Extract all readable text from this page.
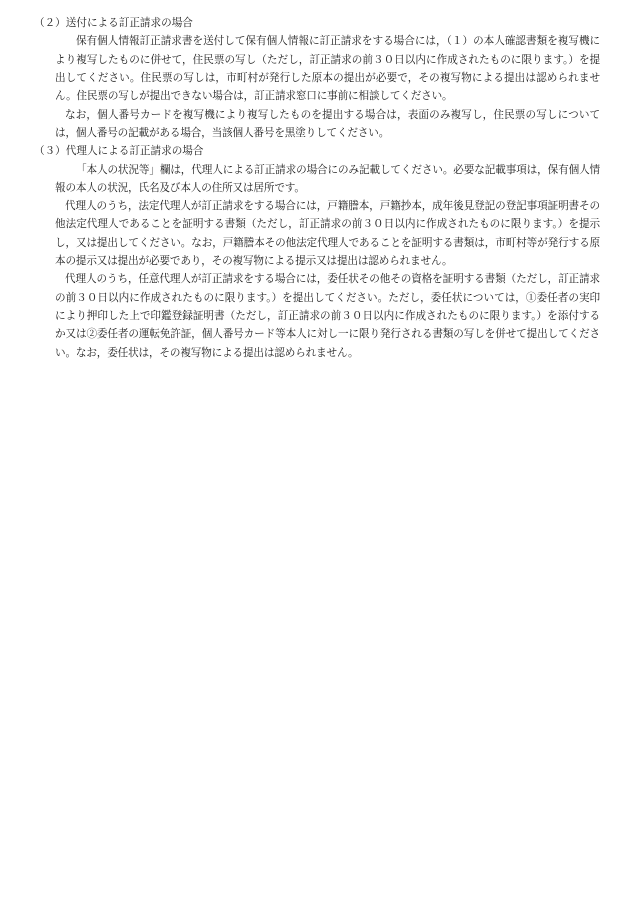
（２）送付による訂正請求の場合

保有個人情報訂正請求書を送付して保有個人情報に訂正請求をする場合には，（１）の本人確認書類を複写機により複写したものに併せて，住民票の写し（ただし，訂正請求の前３０日以内に作成されたものに限ります。）を提出してください。住民票の写しは，市町村が発行した原本の提出が必要で，その複写物による提出は認められません。住民票の写しが提出できない場合は，訂正請求窓口に事前に相談してください。

なお，個人番号カードを複写機により複写したものを提出する場合は，表面のみ複写し，住民票の写しについては，個人番号の記載がある場合，当該個人番号を黒塗りしてください。

（３）代理人による訂正請求の場合

「本人の状況等」欄は，代理人による訂正請求の場合にのみ記載してください。必要な記載事項は，保有個人情報の本人の状況，氏名及び本人の住所又は居所です。

代理人のうち，法定代理人が訂正請求をする場合には，戸籍謄本，戸籍抄本，成年後見登記の登記事項証明書その他法定代理人であることを証明する書類（ただし，訂正請求の前３０日以内に作成されたものに限ります。）を提示し，又は提出してください。なお，戸籍謄本その他法定代理人であることを証明する書類は，市町村等が発行する原本の提示又は提出が必要であり，その複写物による提示又は提出は認められません。

代理人のうち，任意代理人が訂正請求をする場合には，委任状その他その資格を証明する書類（ただし，訂正請求の前３０日以内に作成されたものに限ります。）を提出してください。ただし，委任状については，①委任者の実印により押印した上で印鑑登録証明書（ただし，訂正請求の前３０日以内に作成されたものに限ります。）を添付するか又は②委任者の運転免許証，個人番号カード等本人に対し一に限り発行される書類の写しを併せて提出してください。なお，委任状は，その複写物による提出は認められません。
